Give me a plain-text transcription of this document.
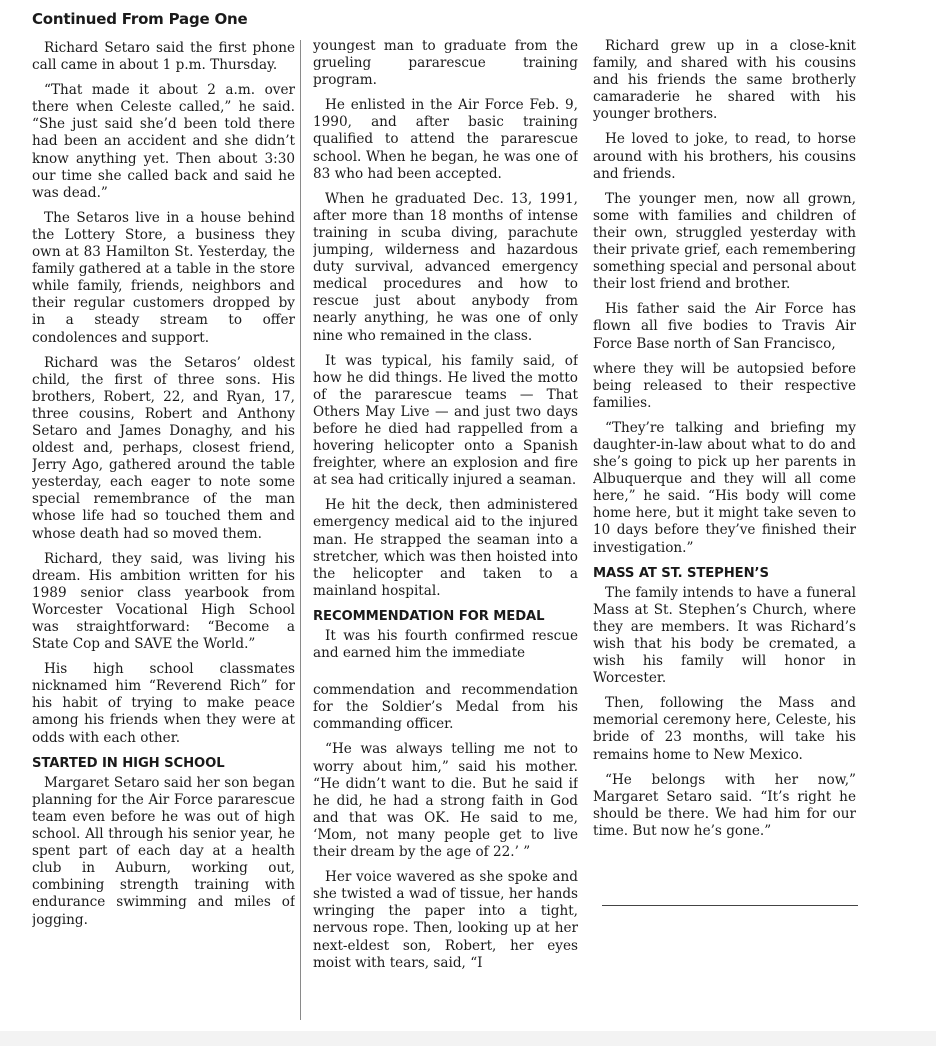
Continued From Page One

Richard Setaro said the first phone call came in about 1 p.m. Thursday.

“That made it about 2 a.m. over there when Celeste called,” he said. “She just said she’d been told there had been an accident and she didn’t know anything yet. Then about 3:30 our time she called back and said he was dead.”

The Setaros live in a house behind the Lottery Store, a business they own at 83 Hamilton St. Yesterday, the family gathered at a table in the store while family, friends, neighbors and their regular customers dropped by in a steady stream to offer condolences and support.

Richard was the Setaros’ oldest child, the first of three sons. His brothers, Robert, 22, and Ryan, 17, three cousins, Robert and Anthony Setaro and James Donaghy, and his oldest and, perhaps, closest friend, Jerry Ago, gathered around the table yesterday, each eager to note some special remembrance of the man whose life had so touched them and whose death had so moved them.

Richard, they said, was living his dream. His ambition written for his 1989 senior class yearbook from Worcester Vocational High School was straightforward: “Become a State Cop and SAVE the World.”

His high school classmates nicknamed him “Reverend Rich” for his habit of trying to make peace among his friends when they were at odds with each other.

STARTED IN HIGH SCHOOL

Margaret Setaro said her son began planning for the Air Force pararescue team even before he was out of high school. All through his senior year, he spent part of each day at a health club in Auburn, working out, combining strength training with endurance swimming and miles of jogging.

youngest man to graduate from the grueling pararescue training program.

He enlisted in the Air Force Feb. 9, 1990, and after basic training qualified to attend the pararescue school. When he began, he was one of 83 who had been accepted.

When he graduated Dec. 13, 1991, after more than 18 months of intense training in scuba diving, parachute jumping, wilderness and hazardous duty survival, advanced emergency medical procedures and how to rescue just about anybody from nearly anything, he was one of only nine who remained in the class.

It was typical, his family said, of how he did things. He lived the motto of the pararescue teams — That Others May Live — and just two days before he died had rappelled from a hovering helicopter onto a Spanish freighter, where an explosion and fire at sea had critically injured a seaman.

He hit the deck, then administered emergency medical aid to the injured man. He strapped the seaman into a stretcher, which was then hoisted into the helicopter and taken to a mainland hospital.

RECOMMENDATION FOR MEDAL

It was his fourth confirmed rescue and earned him the immediate

commendation and recommendation for the Soldier’s Medal from his commanding officer.

“He was always telling me not to worry about him,” said his mother. “He didn’t want to die. But he said if he did, he had a strong faith in God and that was OK. He said to me, ‘Mom, not many people get to live their dream by the age of 22.’ ”

Her voice wavered as she spoke and she twisted a wad of tissue, her hands wringing the paper into a tight, nervous rope. Then, looking up at her next-eldest son, Robert, her eyes moist with tears, said, “I

Richard grew up in a close-knit family, and shared with his cousins and his friends the same brotherly camaraderie he shared with his younger brothers.

He loved to joke, to read, to horse around with his brothers, his cousins and friends.

The younger men, now all grown, some with families and children of their own, struggled yesterday with their private grief, each remembering something special and personal about their lost friend and brother.

His father said the Air Force has flown all five bodies to Travis Air Force Base north of San Francisco,

where they will be autopsied before being released to their respective families.

“They’re talking and briefing my daughter-in-law about what to do and she’s going to pick up her parents in Albuquerque and they will all come here,” he said. “His body will come home here, but it might take seven to 10 days before they’ve finished their investigation.”

MASS AT ST. STEPHEN’S

The family intends to have a funeral Mass at St. Stephen’s Church, where they are members. It was Richard’s wish that his body be cremated, a wish his family will honor in Worcester.

Then, following the Mass and memorial ceremony here, Celeste, his bride of 23 months, will take his remains home to New Mexico.

“He belongs with her now,” Margaret Setaro said. “It’s right he should be there. We had him for our time. But now he’s gone.”
